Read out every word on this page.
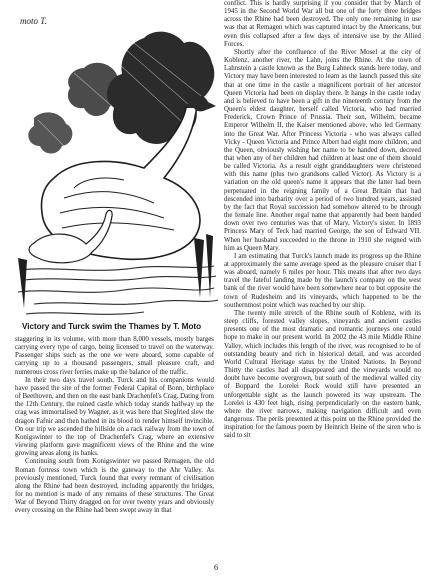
moto T.
Victory and Turck swim the Thames by T. Moto

staggering in its volume, with more than 8,000 vessels, mostly barges carrying every type of cargo, being licensed to travel on the waterway. Passenger ships such as the one we were aboard, some capable of carrying up to a thousand passengers, small pleasure craft, and numerous cross river ferries make up the balance of the traffic.

In their two days travel south, Turck and his companions would have passed the site of the former Federal Capital of Bonn, birthplace of Beethoven, and then on the east bank Drachenfel's Crag. Dating from the 12th Century, the ruined castle which today stands halfway up the crag was immortalised by Wagner, as it was here that Siegfried slew the dragon Fafnir and then bathed in its blood to render himself invincible. On our trip we ascended the hillside on a rack railway from the town of Konigswinter to the top of Drachenfel's Crag, where an extensive viewing platform gave magnificent views of the Rhine and the wine growing areas along its banks.

Continuing south from Konigswinter we passed Remagen, the old Roman fortress town which is the gateway to the Ahr Valley. As previously mentioned, Turck found that every remnant of civilisation along the Rhine had been destroyed, including apparently the bridges, for no mention is made of any remains of these structures. The Great War of Beyond Thirty dragged on for over twenty years and obviously every crossing on the Rhine had been swept away in that

conflict. This is hardly surprising if you consider that by March of 1945 in the Second World War all but one of the forty three bridges across the Rhine had been destroyed. The only one remaining in use was that at Remagen which was captured intact by the Americans, but even this collapsed after a few days of intensive use by the Allied Forces.

Shortly after the confluence of the River Mosel at the city of Koblenz, another river, the Lahn, joins the Rhine. At the town of Lahnstein a castle known as the Burg Lahneck stands here today, and Victory may have been interested to learn as the launch passed this site that at one time in the castle a magnificent portrait of her ancestor Queen Victoria had been on display there. It hangs in the castle today and is believed to have been a gift in the nineteenth century from the Queen's eldest daughter, herself called Victoria, who had married Frederick, Crown Prince of Prussia. Their son, Wilhelm, became Emperor Wilhelm II, the Kaiser mentioned above, who led Germany into the Great War. After Princess Victoria - who was always called Vicky - Queen Victoria and Prince Albert had eight more children, and the Queen, obviously wishing her name to be handed down, decreed that when any of her children had children at least one of them should be called Victoria. As a result eight granddaughters were christened with this name (plus two grandsons called Victor). As Victory is a variation on the old queen's name it appears that the latter had been perpetuated in the reigning family of a Great Britain that had descended into barbarity over a period of two hundred years, assisted by the fact that Royal succession had somehow altered to be through the female line. Another regal name that apparently had been handed down over two centuries was that of Mary, Victory's sister. In 1893 Princess Mary of Teck had married George, the son of Edward VII. When her husband succeeded to the throne in 1910 she reigned with him as Queen Mary.

I am estimating that Turck's launch made its progress up the Rhine at approximately the same average speed as the pleasure cruiser that I was aboard, namely 6 miles per hour. This means that after two days travel the fateful landing made by the launch's company on the west bank of the river would have been somewhere near to but opposite the town of Rudesheim and its vineyards, which happened to be the southernmost point which was reached by our ship.

The twenty mile stretch of the Rhine south of Koblenz, with its steep cliffs, forested valley slopes, vineyards and ancient castles presents one of the most dramatic and romantic journeys one could hope to make in our present world. In 2002 the 43 mile Middle Rhine Valley, which includes this length of the river, was recognised to be of outstanding beauty and rich in historical detail, and was accorded World Cultural Heritage status by the United Nations. In Beyond Thirty the castles had all disappeared and the vineyards would no doubt have become overgrown, but south of the medieval walled city of Boppard the Lorelei Rock would still have presented an unforgettable sight as the launch powered its way upstream. The Lorelei is 430 feet high, rising perpendicularly on the eastern bank, where the river narrows, making navigation difficult and even dangerous. The perils presented at this point on the Rhine provided the inspiration for the famous poem by Heinrich Heine of the siren who is said to sit

6
